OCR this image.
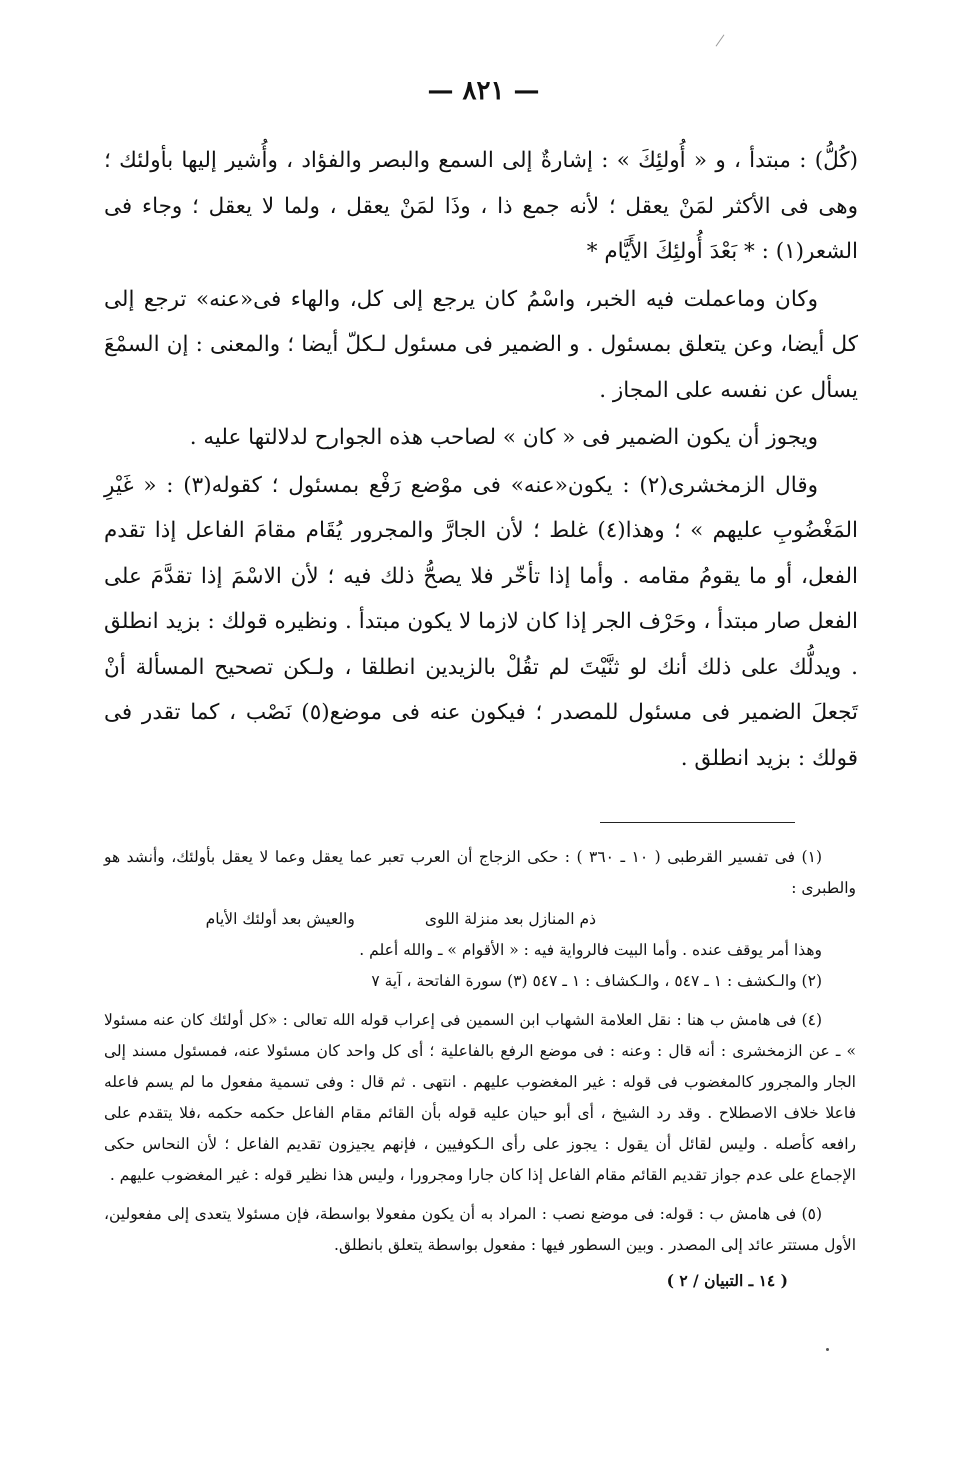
— ٨٢١ —

(كُلُّ) : مبتدأ ، و « أُولئِكَ » : إشارةٌ إلى السمع والبصر والفؤاد ، وأُشير إليها بأولئك ؛ وهى فى الأكثر لمَنْ يعقل ؛ لأنه جمع ذا ، وذَا لمَنْ يعقل ، ولما لا يعقل ؛ وجاء فى الشعر(١) : * بَعْدَ أُولئِكَ الأَيَّام *

وكان وماعملت فيه الخبر، واسْمُ كان يرجع إلى كل، والهاء فى«عنه» ترجع إلى كل أيضا، وعن يتعلق بمسئول . و الضمير فى مسئول لـكلّ أيضا ؛ والمعنى : إن السمْعَ يسأل عن نفسه على المجاز .

ويجوز أن يكون الضمير فى « كان » لصاحب هذه الجوارح لدلالتها عليه .

وقال الزمخشرى(٢) : يكون«عنه» فى موْضع رَفْع بمسئول ؛ كقوله(٣) : « غَيْرِ المَغْضُوبِ عليهم » ؛ وهذا(٤) غلط ؛ لأن الجارَّ والمجرور يُقَام مقامَ الفاعل إذا تقدم الفعل، أو ما يقومُ مقامه . وأما إذا تأخّر فلا يصحُّ ذلك فيه ؛ لأن الاسْمَ إذا تقدَّمَ على الفعل صار مبتدأ ، وحَرْف الجر إذا كان لازما لا يكون مبتدأ . ونظيره قولك : بزيد انطلق . ويدلُّك على ذلك أنك لو ثنَّيْتَ لم تقُلْ بالزيدين انطلقا ، ولـكن تصحيح المسألة أنْ تَجعلَ الضمير فى مسئول للمصدر ؛ فيكون عنه فى موضع(٥) نَصْب ، كما تقدر فى قولك : بزيد انطلق .

(١) فى تفسير القرطبى ( ١٠ ـ ٣٦٠ ) : حكى الزجاج أن العرب تعبر عما يعقل وعما لا يعقل بأولئك، وأنشد هو والطبرى :

ذم المنازل بعد منزلة اللوى
والعيش بعد أولئك الأيام

وهذا أمر يوقف عنده . وأما البيت فالرواية فيه : « الأقوام » ـ والله أعلم .

(٢) والـكشف : ١ ـ ٥٤٧ ، والـكشاف : ١ ـ ٥٤٧ (٣) سورة الفاتحة ، آية ٧

(٤) فى هامش ب هنا : نقل العلامة الشهاب ابن السمين فى إعراب قوله الله تعالى : «كل أولئك كان عنه مسئولا » ـ عن الزمخشرى : أنه قال : وعنه : فى موضع الرفع بالفاعلية ؛ أى كل واحد كان مسئولا عنه، فمسئول مسند إلى الجار والمجرور كالمغضوب فى قوله : غير المغضوب عليهم . انتهى . ثم قال : وفى تسمية مفعول ما لم يسم فاعله فاعلا خلاف الاصطلاح . وقد رد الشيخ ، أى أبو حيان عليه قوله بأن القائم مقام الفاعل حكمه حكمه ،فلا يتقدم على رافعه كأصله . وليس لقائل أن يقول : يجوز على رأى الـكوفيين ، فإنهم يجيزون تقديم الفاعل ؛ لأن النحاس حكى الإجماع على عدم جواز تقديم القائم مقام الفاعل إذا كان جارا ومجرورا ، وليس هذا نظير قوله : غير المغضوب عليهم .

(٥) فى هامش ب : قوله: فى موضع نصب : المراد به أن يكون مفعولا بواسطة، فإن مسئولا يتعدى إلى مفعولين، الأول مستتر عائد إلى المصدر . وبين السطور فيها : مفعول بواسطة يتعلق بانطلق.

( ١٤ ـ التبيان / ٢ )
